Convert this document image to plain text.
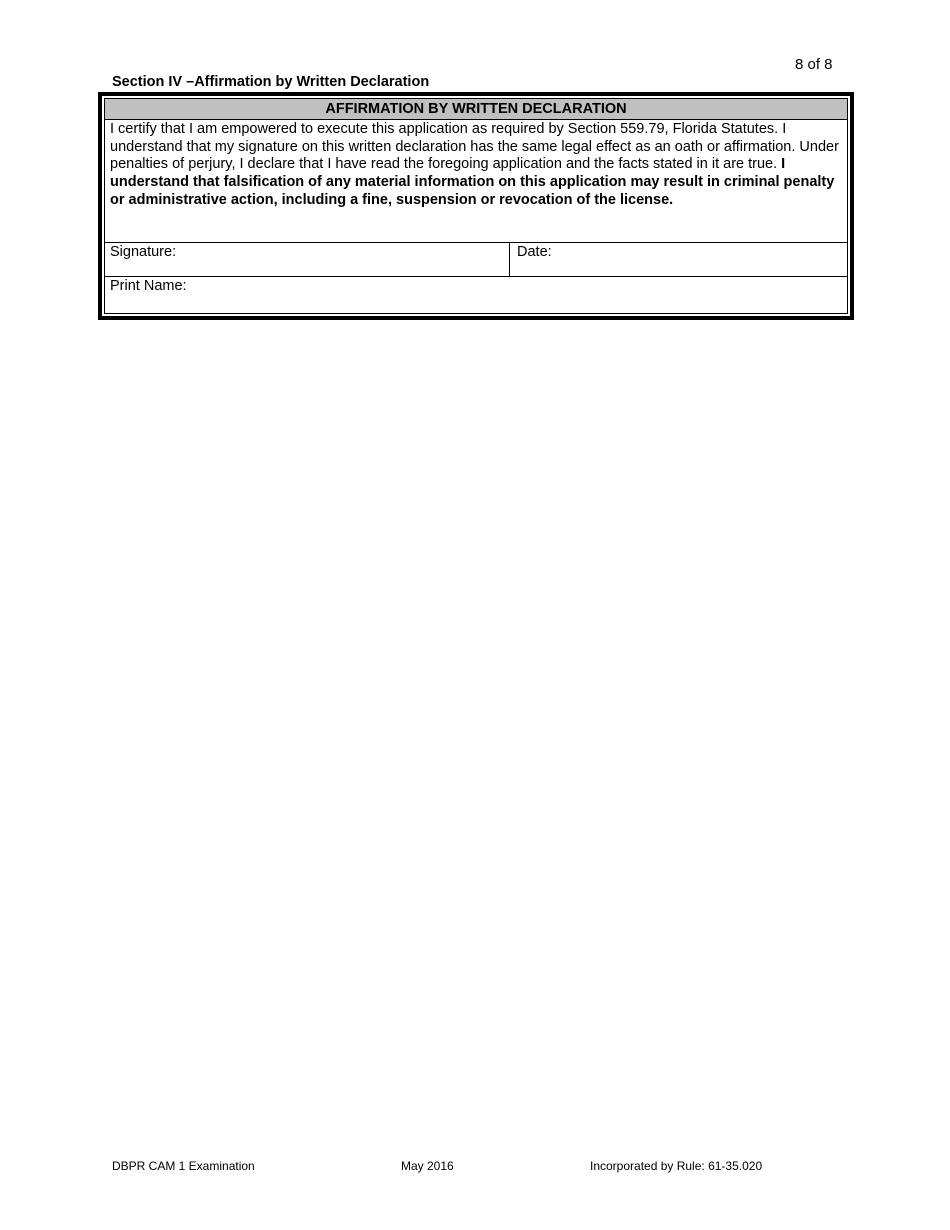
8 of 8
Section IV –Affirmation by Written Declaration
AFFIRMATION BY WRITTEN DECLARATION
I certify that I am empowered to execute this application as required by Section 559.79, Florida Statutes. I understand that my signature on this written declaration has the same legal effect as an oath or affirmation. Under penalties of perjury, I declare that I have read the foregoing application and the facts stated in it are true. I understand that falsification of any material information on this application may result in criminal penalty or administrative action, including a fine, suspension or revocation of the license.
Signature:	Date:
Print Name:
DBPR CAM 1 Examination	May 2016	Incorporated by Rule: 61-35.020
